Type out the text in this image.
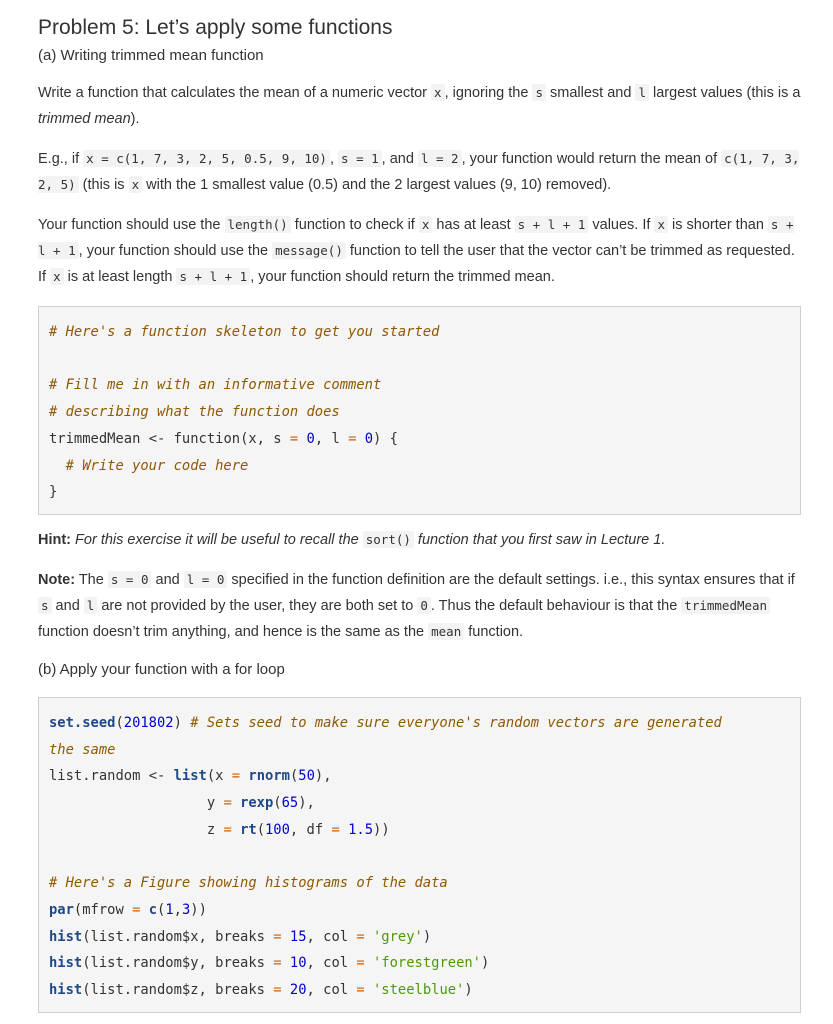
Problem 5: Let’s apply some functions
(a) Writing trimmed mean function

Write a function that calculates the mean of a numeric vector x , ignoring the s smallest and l largest values (this is a trimmed mean).

E.g., if x = c(1, 7, 3, 2, 5, 0.5, 9, 10) , s = 1 , and l = 2 , your function would return the mean of c(1, 7, 3, 2, 5) (this is x with the 1 smallest value (0.5) and the 2 largest values (9, 10) removed).

Your function should use the length() function to check if x has at least s + l + 1 values. If x is shorter than s + l + 1 , your function should use the message() function to tell the user that the vector can’t be trimmed as requested. If x is at least length s + l + 1 , your function should return the trimmed mean.

# Here's a function skeleton to get you started
# Fill me in with an informative comment
# describing what the function does
trimmedMean <- function(x, s = 0, l = 0) {
# Write your code here
}

Hint: For this exercise it will be useful to recall the sort() function that you first saw in Lecture 1.

Note: The s = 0 and l = 0 specified in the function definition are the default settings. i.e., this syntax ensures that if s and l are not provided by the user, they are both set to 0 . Thus the default behaviour is that the trimmedMean function doesn’t trim anything, and hence is the same as the mean function.

(b) Apply your function with a for loop
set.seed(201802) # Sets seed to make sure everyone's random vectors are generated
the same
list.random <- list(x = rnorm(50),
y = rexp(65),
z = rt(100, df = 1.5))
# Here's a Figure showing histograms of the data
par(mfrow = c(1,3))
hist(list.random$x, breaks = 15, col = 'grey')
hist(list.random$y, breaks = 10, col = 'forestgreen')
hist(list.random$z, breaks = 20, col = 'steelblue')
